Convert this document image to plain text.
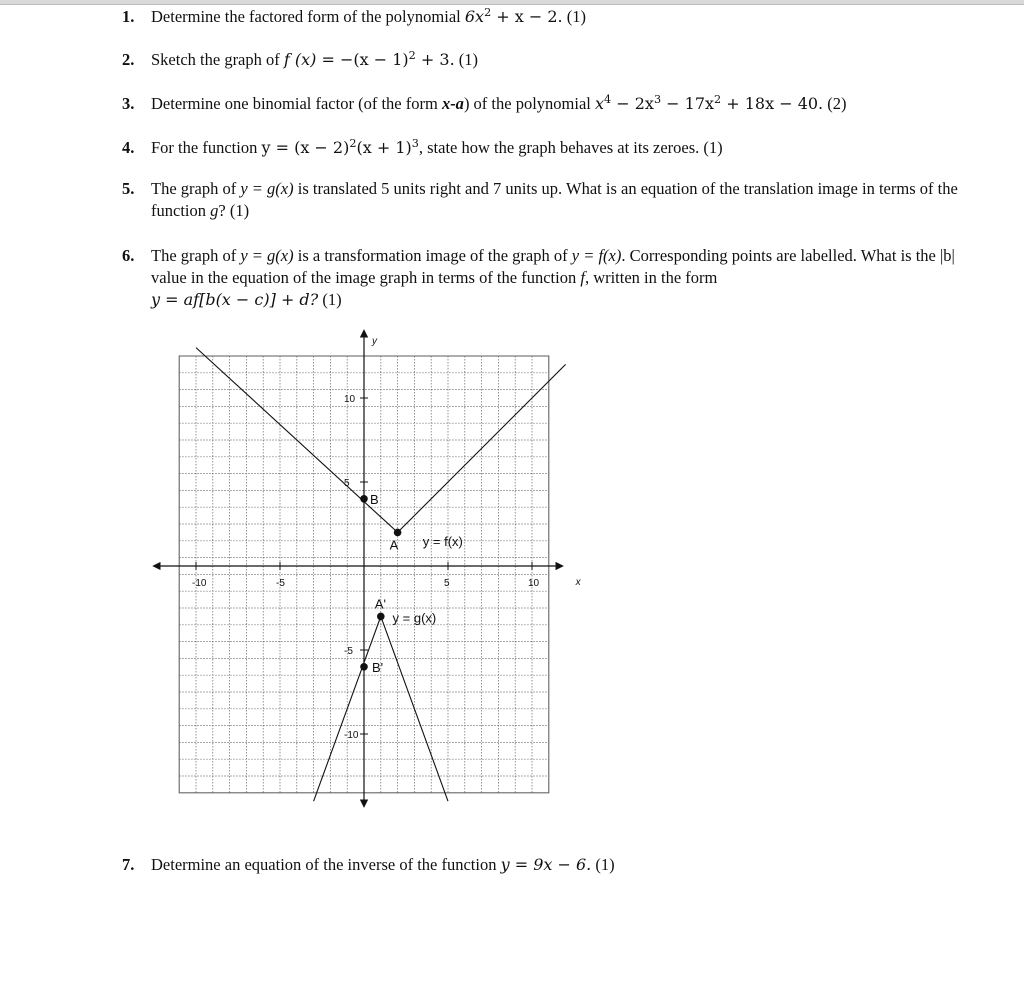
1. Determine the factored form of the polynomial $6x^2 + x - 2$. (1)
2. Sketch the graph of f $(x) = -(x - 1)^2 + 3$. (1)
3. Determine one binomial factor (of the form x-a) of the polynomial $x^4 - 2x^3 - 17x^2 + 18x - 40$. (2)
4. For the function $y = (x - 2)^2(x + 1)^3$, state how the graph behaves at its zeroes. (1)
5. The graph of y = g(x) is translated 5 units right and 7 units up. What is an equation of the translation image in terms of the function g? (1)
6. The graph of y = g(x) is a transformation image of the graph of y = f(x). Corresponding points are labelled. What is the |b| value in the equation of the image graph in terms of the function f, written in the form
y = af[b(x − c)] + d? (1)
-10	-5	5	10
10
5
-5
-10
x
y
y = f(x)
y = g(x)
A
B
A'
B'
7. Determine an equation of the inverse of the function y = 9x − 6. (1)
